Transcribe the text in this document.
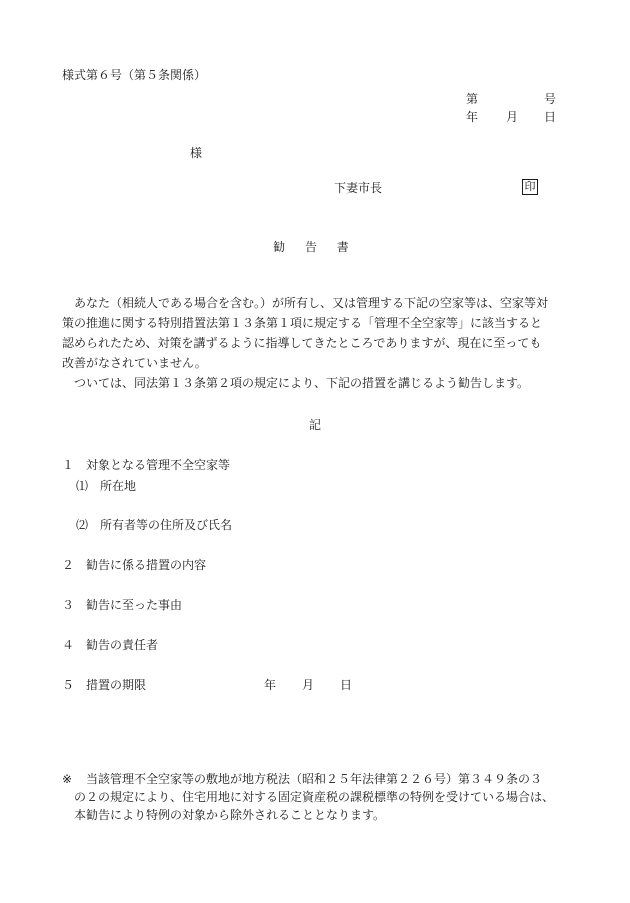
様式第６号（第５条関係）
第	号
年 月 日
様
下妻市長	印
勧 告 書

あなた（相続人である場合を含む。）が所有し、又は管理する下記の空家等は、空家等対
策の推進に関する特別措置法第１３条第１項に規定する「管理不全空家等」に該当すると
認められたため、対策を講ずるように指導してきたところでありますが、現在に至っても
改善がなされていません。

ついては、同法第１３条第２項の規定により、下記の措置を講じるよう勧告します。

記
１　対象となる管理不全空家等
⑴　所在地
⑵　所有者等の住所及び氏名
２　勧告に係る措置の内容
３　勧告に至った事由
４　勧告の責任者
５　措置の期限	年 月 日
※ 当該管理不全空家等の敷地が地方税法（昭和２５年法律第２２６号）第３４９条の３
の２の規定により、住宅用地に対する固定資産税の課税標準の特例を受けている場合は、
本勧告により特例の対象から除外されることとなります。
